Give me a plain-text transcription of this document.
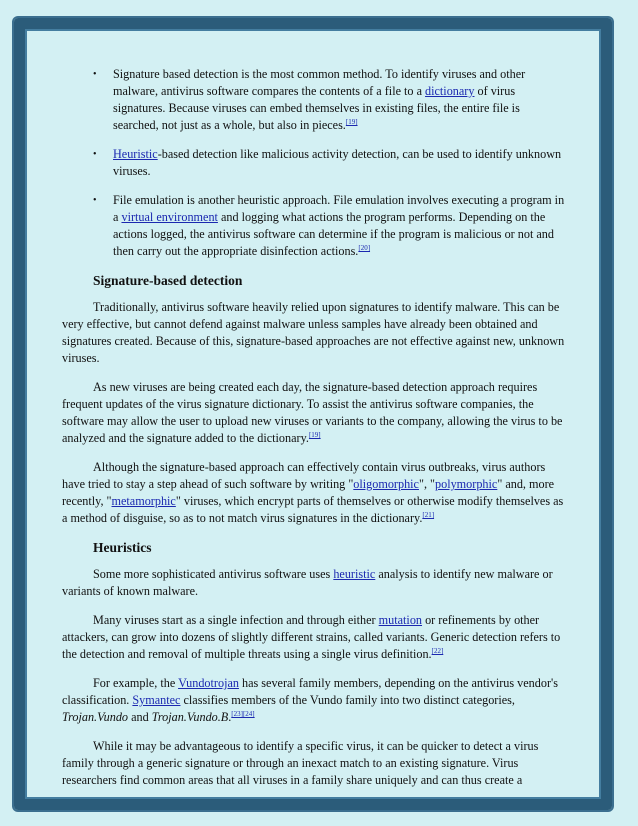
• Signature based detection is the most common method. To identify viruses and other malware, antivirus software compares the contents of a file to a dictionary of virus signatures. Because viruses can embed themselves in existing files, the entire file is searched, not just as a whole, but also in pieces.[19]
• Heuristic-based detection like malicious activity detection, can be used to identify unknown viruses.
• File emulation is another heuristic approach. File emulation involves executing a program in a virtual environment and logging what actions the program performs. Depending on the actions logged, the antivirus software can determine if the program is malicious or not and then carry out the appropriate disinfection actions.[20]
Signature-based detection

Traditionally, antivirus software heavily relied upon signatures to identify malware. This can be very effective, but cannot defend against malware unless samples have already been obtained and signatures created. Because of this, signature-based approaches are not effective against new, unknown viruses.

As new viruses are being created each day, the signature-based detection approach requires frequent updates of the virus signature dictionary. To assist the antivirus software companies, the software may allow the user to upload new viruses or variants to the company, allowing the virus to be analyzed and the signature added to the dictionary.[19]

Although the signature-based approach can effectively contain virus outbreaks, virus authors have tried to stay a step ahead of such software by writing "oligomorphic", "polymorphic" and, more recently, "metamorphic" viruses, which encrypt parts of themselves or otherwise modify themselves as a method of disguise, so as to not match virus signatures in the dictionary.[21]

Heuristics

Some more sophisticated antivirus software uses heuristic analysis to identify new malware or variants of known malware.

Many viruses start as a single infection and through either mutation or refinements by other attackers, can grow into dozens of slightly different strains, called variants. Generic detection refers to the detection and removal of multiple threats using a single virus definition.[22]

For example, the Vundotrojan has several family members, depending on the antivirus vendor's classification. Symantec classifies members of the Vundo family into two distinct categories, Trojan.Vundo and Trojan.Vundo.B.[23][24]

While it may be advantageous to identify a specific virus, it can be quicker to detect a virus family through a generic signature or through an inexact match to an existing signature. Virus researchers find common areas that all viruses in a family share uniquely and can thus create a
